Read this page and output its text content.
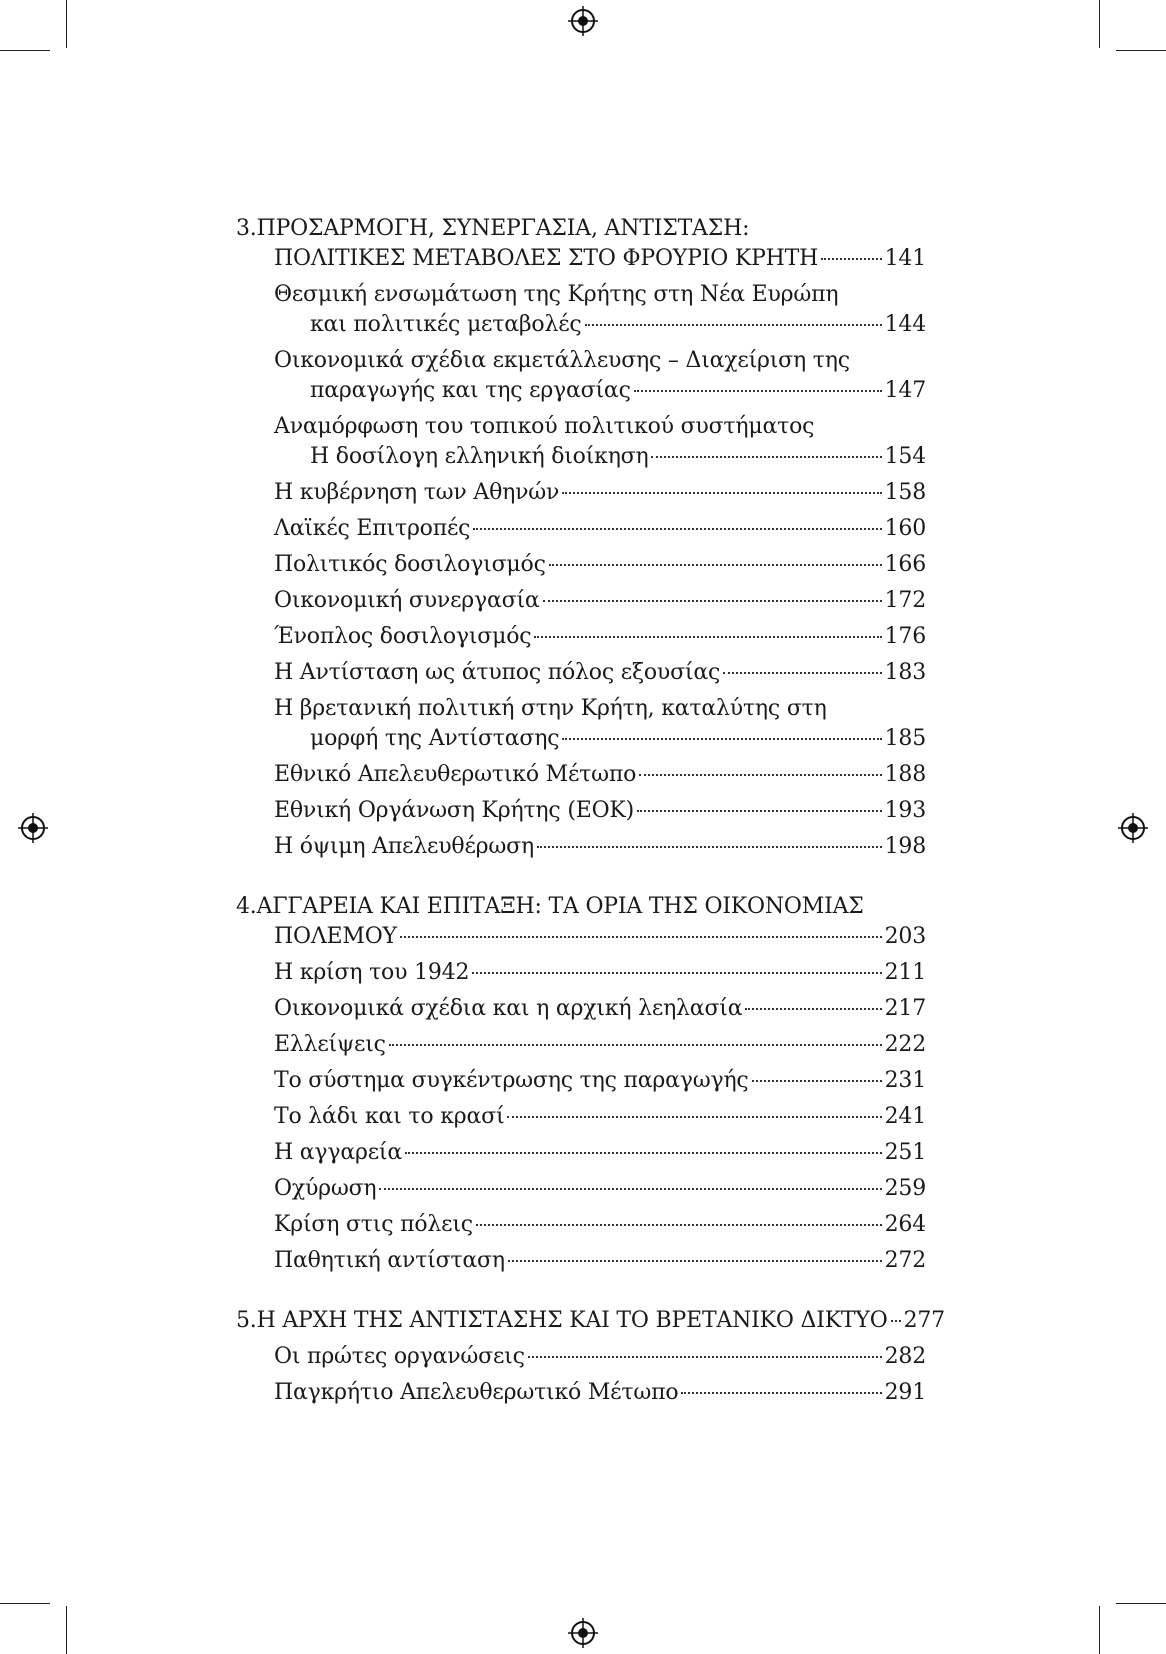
3. ΠΡΟΣΑΡΜΟΓΗ, ΣΥΝΕΡΓΑΣΙΑ, ΑΝΤΙΣΤΑΣΗ:
ΠΟΛΙΤΙΚΕΣ ΜΕΤΑΒΟΛΕΣ ΣΤΟ ΦΡΟΥΡΙΟ ΚΡΗΤΗ	141
Θεσμική ενσωμάτωση της Κρήτης στη Νέα Ευρώπη
και πολιτικές μεταβολές	144
Οικονομικά σχέδια εκμετάλλευσης – Διαχείριση της
παραγωγής και της εργασίας	147
Αναμόρφωση του τοπικού πολιτικού συστήματος
Η δοσίλογη ελληνική διοίκηση	154
Η κυβέρνηση των Αθηνών	158
Λαϊκές Επιτροπές	160
Πολιτικός δοσιλογισμός	166
Οικονομική συνεργασία	172
Ένοπλος δοσιλογισμός	176
Η Αντίσταση ως άτυπος πόλος εξουσίας	183
Η βρετανική πολιτική στην Κρήτη, καταλύτης στη
μορφή της Αντίστασης	185
Εθνικό Απελευθερωτικό Μέτωπο	188
Εθνική Οργάνωση Κρήτης (ΕΟΚ)	193
Η όψιμη Απελευθέρωση	198
4. ΑΓΓΑΡΕΙΑ ΚΑΙ ΕΠΙΤΑΞΗ: ΤΑ ΟΡΙΑ ΤΗΣ ΟΙΚΟΝΟΜΙΑΣ
ΠΟΛΕΜΟΥ	203
Η κρίση του 1942	211
Οικονομικά σχέδια και η αρχική λεηλασία	217
Ελλείψεις	222
Το σύστημα συγκέντρωσης της παραγωγής	231
Το λάδι και το κρασί	241
Η αγγαρεία	251
Οχύρωση	259
Κρίση στις πόλεις	264
Παθητική αντίσταση	272
5. Η ΑΡΧΗ ΤΗΣ ΑΝΤΙΣΤΑΣΗΣ ΚΑΙ ΤΟ ΒΡΕΤΑΝΙΚΟ ΔΙΚΤΥΟ 277
Οι πρώτες οργανώσεις	282
Παγκρήτιο Απελευθερωτικό Μέτωπο	291
